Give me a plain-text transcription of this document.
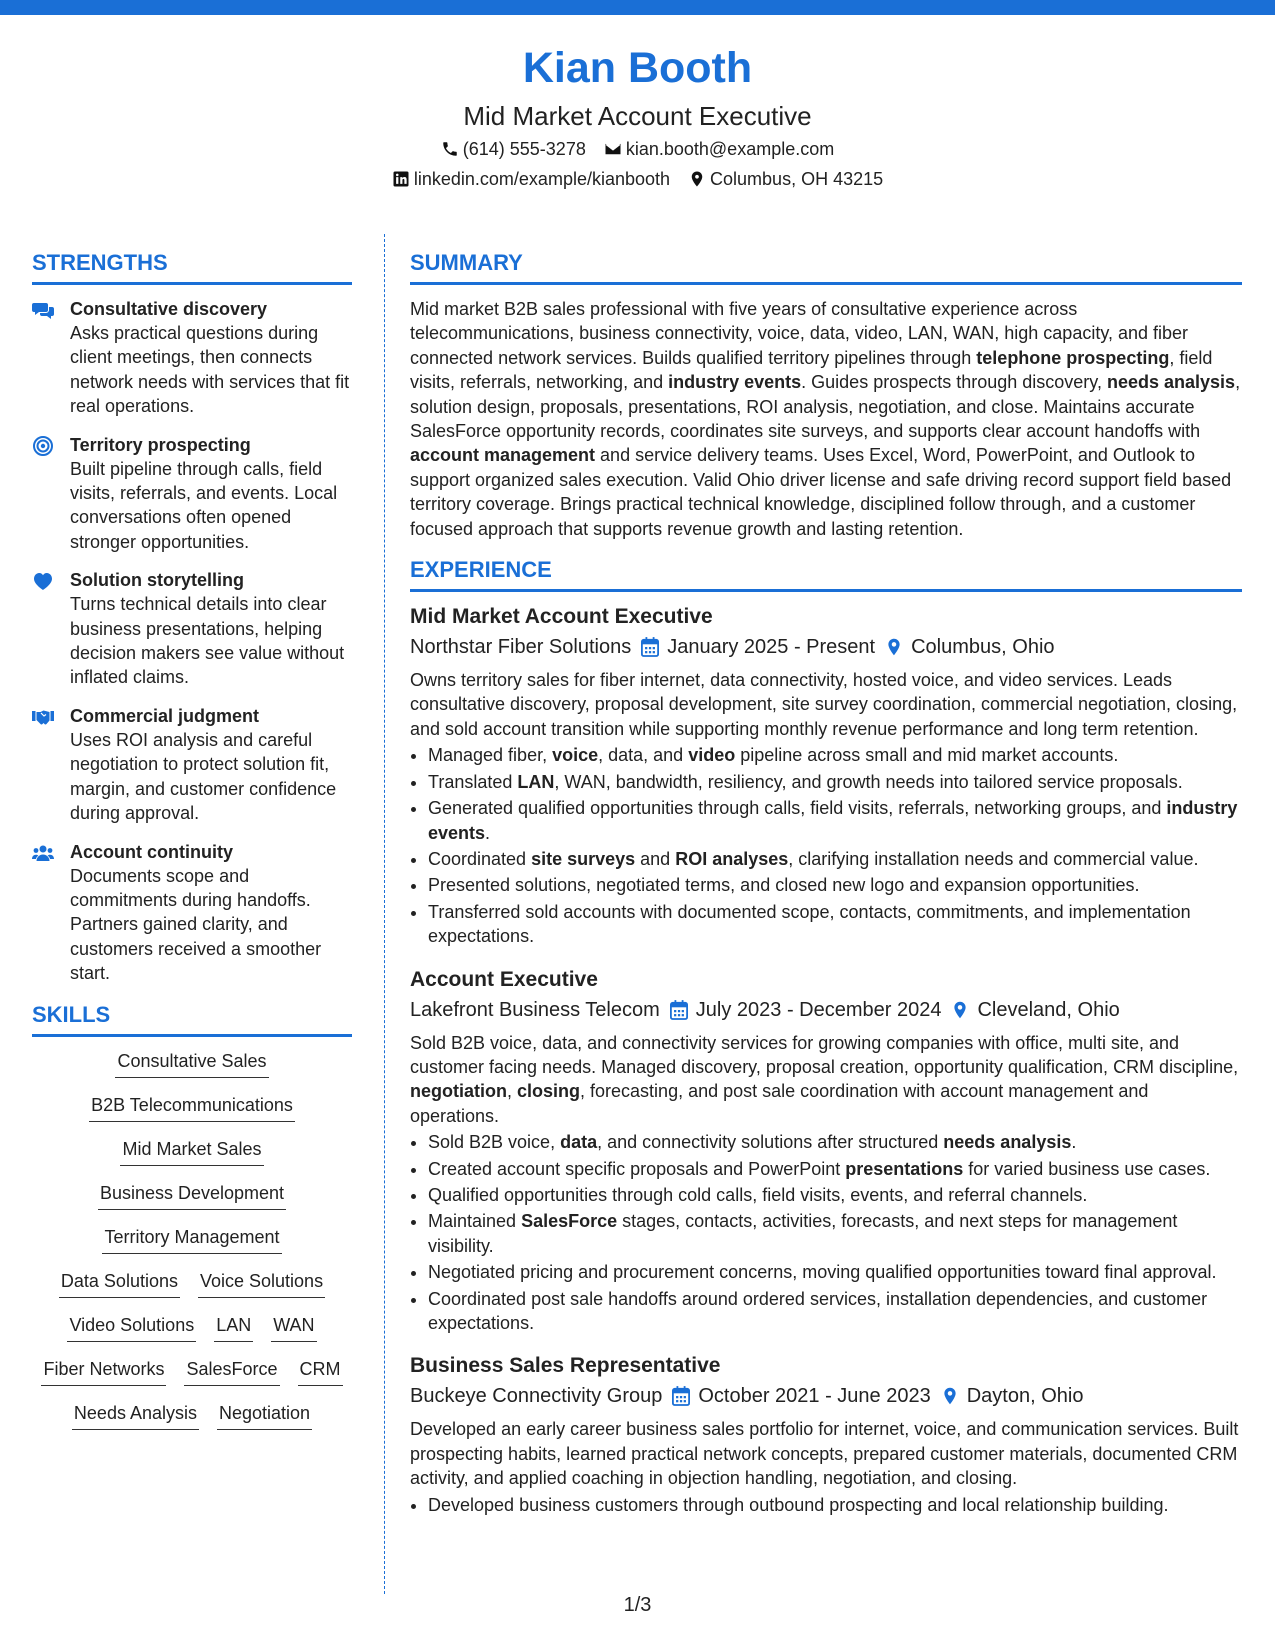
Kian Booth
Mid Market Account Executive
(614) 555-3278 kian.booth@example.com
linkedin.com/example/kianbooth Columbus, OH 43215
STRENGTHS
Consultative discovery
Asks practical questions during client meetings, then connects network needs with services that fit real operations.
Territory prospecting
Built pipeline through calls, field visits, referrals, and events. Local conversations often opened stronger opportunities.
Solution storytelling
Turns technical details into clear business presentations, helping decision makers see value without inflated claims.
Commercial judgment
Uses ROI analysis and careful negotiation to protect solution fit, margin, and customer confidence during approval.
Account continuity
Documents scope and commitments during handoffs. Partners gained clarity, and customers received a smoother start.
SKILLS
Consultative Sales
B2B Telecommunications
Mid Market Sales
Business Development
Territory Management
Data Solutions Voice Solutions
Video Solutions LAN WAN
Fiber Networks SalesForce CRM
Needs Analysis Negotiation
SUMMARY

Mid market B2B sales professional with five years of consultative experience across telecommunications, business connectivity, voice, data, video, LAN, WAN, high capacity, and fiber connected network services. Builds qualified territory pipelines through telephone prospecting, field visits, referrals, networking, and industry events. Guides prospects through discovery, needs analysis, solution design, proposals, presentations, ROI analysis, negotiation, and close. Maintains accurate SalesForce opportunity records, coordinates site surveys, and supports clear account handoffs with account management and service delivery teams. Uses Excel, Word, PowerPoint, and Outlook to support organized sales execution. Valid Ohio driver license and safe driving record support field based territory coverage. Brings practical technical knowledge, disciplined follow through, and a customer focused approach that supports revenue growth and lasting retention.

EXPERIENCE
Mid Market Account Executive
Northstar Fiber Solutions January 2025 - Present Columbus, Ohio

Owns territory sales for fiber internet, data connectivity, hosted voice, and video services. Leads consultative discovery, proposal development, site survey coordination, commercial negotiation, closing, and sold account transition while supporting monthly revenue performance and long term retention.

• Managed fiber, voice, data, and video pipeline across small and mid market accounts.
• Translated LAN, WAN, bandwidth, resiliency, and growth needs into tailored service proposals.
• Generated qualified opportunities through calls, field visits, referrals, networking groups, and industry events.
• Coordinated site surveys and ROI analyses, clarifying installation needs and commercial value.
• Presented solutions, negotiated terms, and closed new logo and expansion opportunities.
• Transferred sold accounts with documented scope, contacts, commitments, and implementation expectations.
Account Executive
Lakefront Business Telecom July 2023 - December 2024 Cleveland, Ohio

Sold B2B voice, data, and connectivity services for growing companies with office, multi site, and customer facing needs. Managed discovery, proposal creation, opportunity qualification, CRM discipline, negotiation, closing, forecasting, and post sale coordination with account management and operations.

• Sold B2B voice, data, and connectivity solutions after structured needs analysis.
• Created account specific proposals and PowerPoint presentations for varied business use cases.
• Qualified opportunities through cold calls, field visits, events, and referral channels.
• Maintained SalesForce stages, contacts, activities, forecasts, and next steps for management visibility.
• Negotiated pricing and procurement concerns, moving qualified opportunities toward final approval.
• Coordinated post sale handoffs around ordered services, installation dependencies, and customer expectations.
Business Sales Representative
Buckeye Connectivity Group October 2021 - June 2023 Dayton, Ohio

Developed an early career business sales portfolio for internet, voice, and communication services. Built prospecting habits, learned practical network concepts, prepared customer materials, documented CRM activity, and applied coaching in objection handling, negotiation, and closing.

• Developed business customers through outbound prospecting and local relationship building.
1/3
